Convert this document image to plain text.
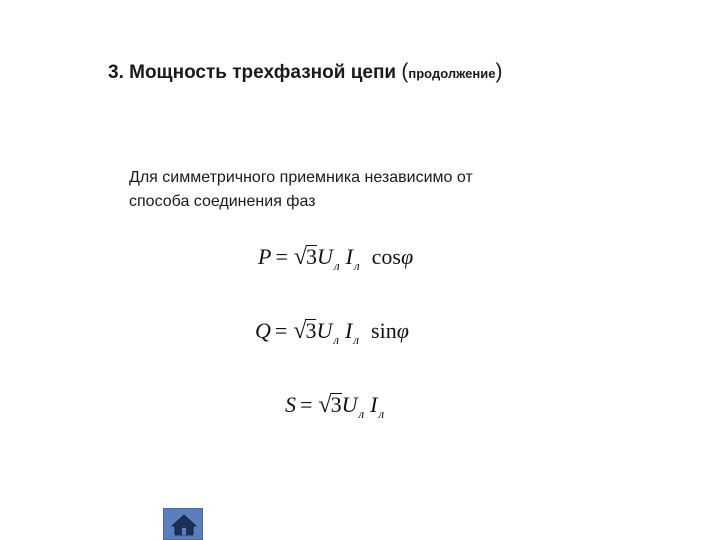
3. Мощность трехфазной цепи (продолжение)
Для симметричного приемника независимо от
способа соединения фаз
$P = √3U_л$ $I_л$ cosφ
$Q = √3U_л$ $I_л$ sinφ
$S = √3U_л$ $I_л$
